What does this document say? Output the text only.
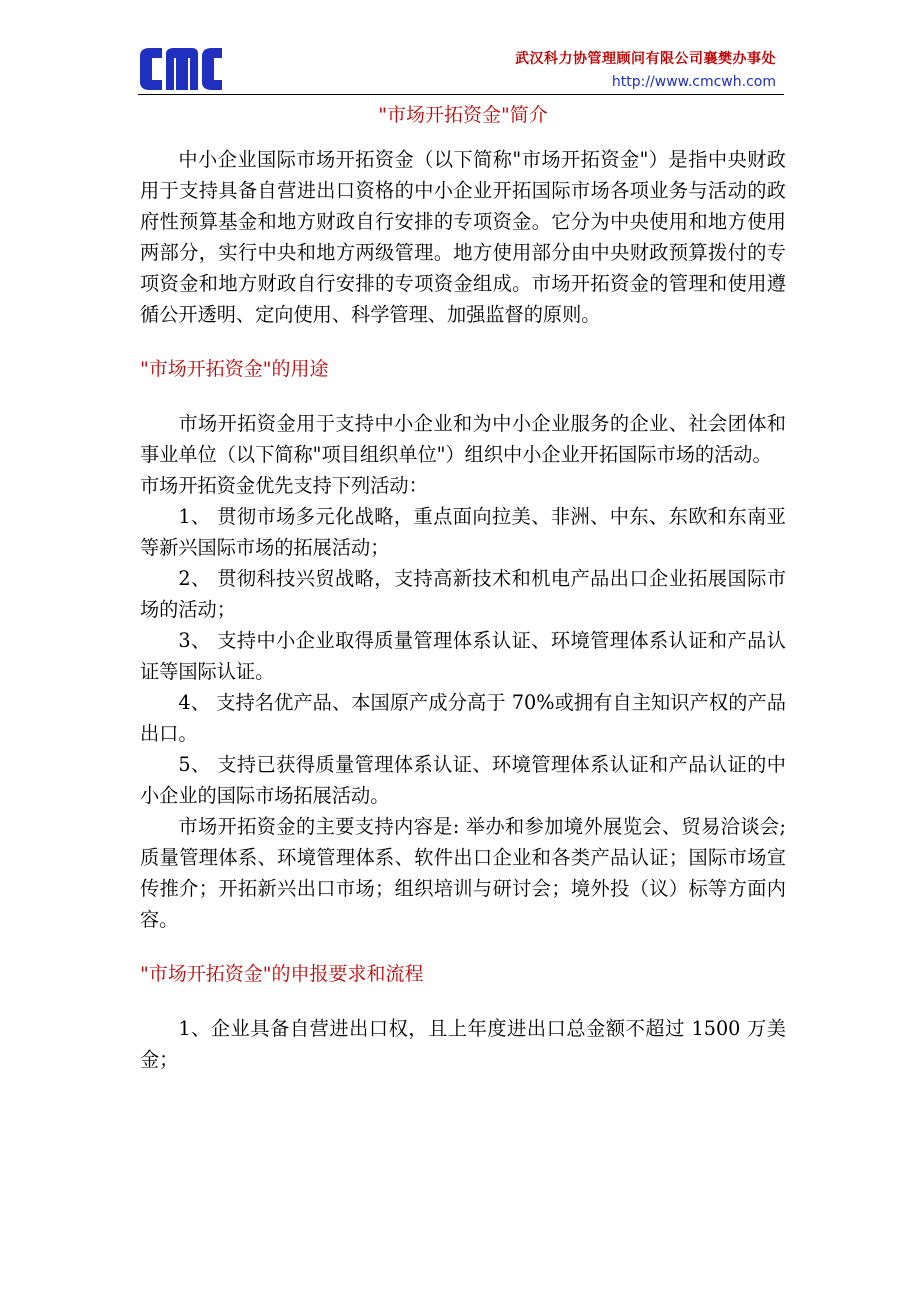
武汉科力协管理顾问有限公司襄樊办事处
http://www.cmcwh.com
"市场开拓资金"简介

中小企业国际市场开拓资金（以下简称"市场开拓资金"）是指中央财政用于支持具备自营进出口资格的中小企业开拓国际市场各项业务与活动的政府性预算基金和地方财政自行安排的专项资金。它分为中央使用和地方使用两部分，实行中央和地方两级管理。地方使用部分由中央财政预算拨付的专项资金和地方财政自行安排的专项资金组成。市场开拓资金的管理和使用遵循公开透明、定向使用、科学管理、加强监督的原则。

"市场开拓资金"的用途

市场开拓资金用于支持中小企业和为中小企业服务的企业、社会团体和事业单位（以下简称"项目组织单位"）组织中小企业开拓国际市场的活动。

市场开拓资金优先支持下列活动：

1、 贯彻市场多元化战略，重点面向拉美、非洲、中东、东欧和东南亚等新兴国际市场的拓展活动；

2、 贯彻科技兴贸战略，支持高新技术和机电产品出口企业拓展国际市场的活动；

3、 支持中小企业取得质量管理体系认证、环境管理体系认证和产品认证等国际认证。

4、 支持名优产品、本国原产成分高于 70%或拥有自主知识产权的产品出口。

5、 支持已获得质量管理体系认证、环境管理体系认证和产品认证的中小企业的国际市场拓展活动。

市场开拓资金的主要支持内容是: 举办和参加境外展览会、贸易洽谈会; 质量管理体系、环境管理体系、软件出口企业和各类产品认证；国际市场宣传推介；开拓新兴出口市场；组织培训与研讨会；境外投（议）标等方面内容。

"市场开拓资金"的申报要求和流程

1、企业具备自营进出口权，且上年度进出口总金额不超过 1500 万美金；
